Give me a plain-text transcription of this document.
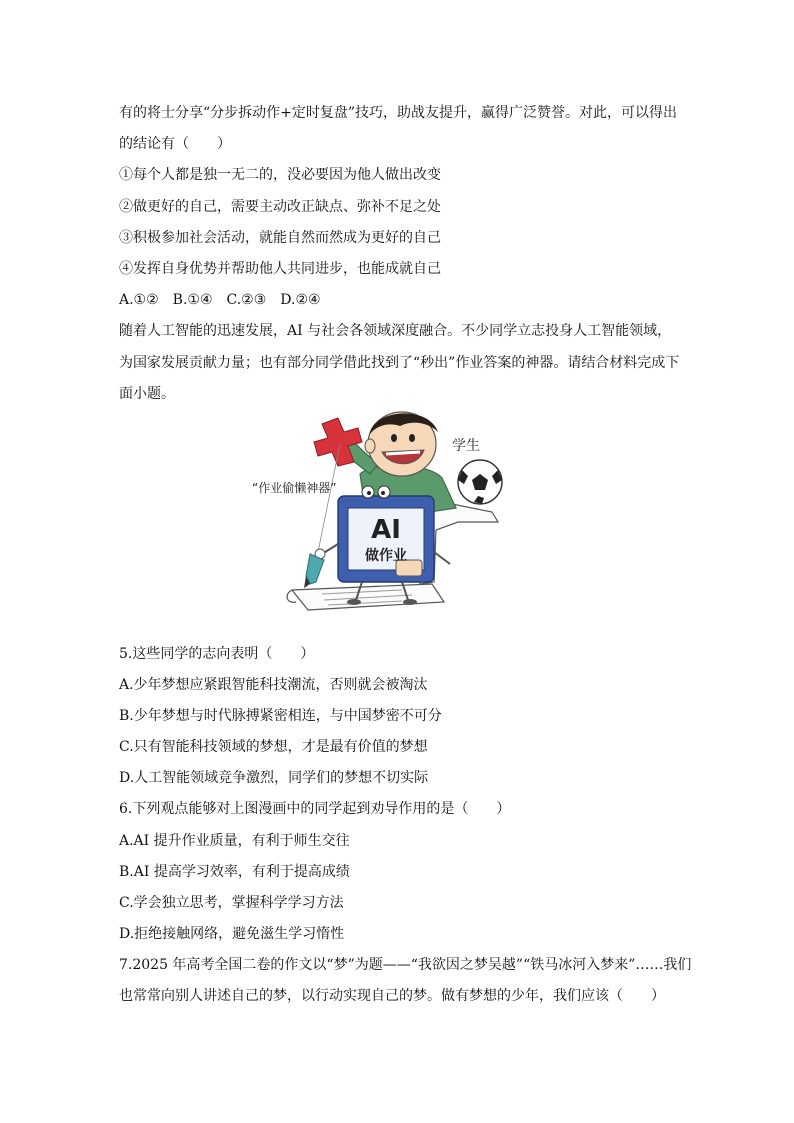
有的将士分享“分步拆动作+定时复盘”技巧，助战友提升，赢得广泛赞誉。对此，可以得出
的结论有（　　）
①每个人都是独一无二的，没必要因为他人做出改变
②做更好的自己，需要主动改正缺点、弥补不足之处
③积极参加社会活动，就能自然而然成为更好的自己
④发挥自身优势并帮助他人共同进步，也能成就自己
A.①②　B.①④　C.②③　D.②④
随着人工智能的迅速发展，AI 与社会各领域深度融合。不少同学立志投身人工智能领域，
为国家发展贡献力量；也有部分同学借此找到了“秒出”作业答案的神器。请结合材料完成下
面小题。
“作业偷懒神器”
学生
AI
做作业
5.这些同学的志向表明（　　）
A.少年梦想应紧跟智能科技潮流，否则就会被淘汰
B.少年梦想与时代脉搏紧密相连，与中国梦密不可分
C.只有智能科技领域的梦想，才是最有价值的梦想
D.人工智能领域竞争激烈，同学们的梦想不切实际
6.下列观点能够对上图漫画中的同学起到劝导作用的是（　　）
A.AI 提升作业质量，有利于师生交往
B.AI 提高学习效率，有利于提高成绩
C.学会独立思考，掌握科学学习方法
D.拒绝接触网络，避免滋生学习惰性
7.2025 年高考全国二卷的作文以“梦”为题——“我欲因之梦吴越”“铁马冰河入梦来”……我们
也常常向别人讲述自己的梦，以行动实现自己的梦。做有梦想的少年，我们应该（　　）
